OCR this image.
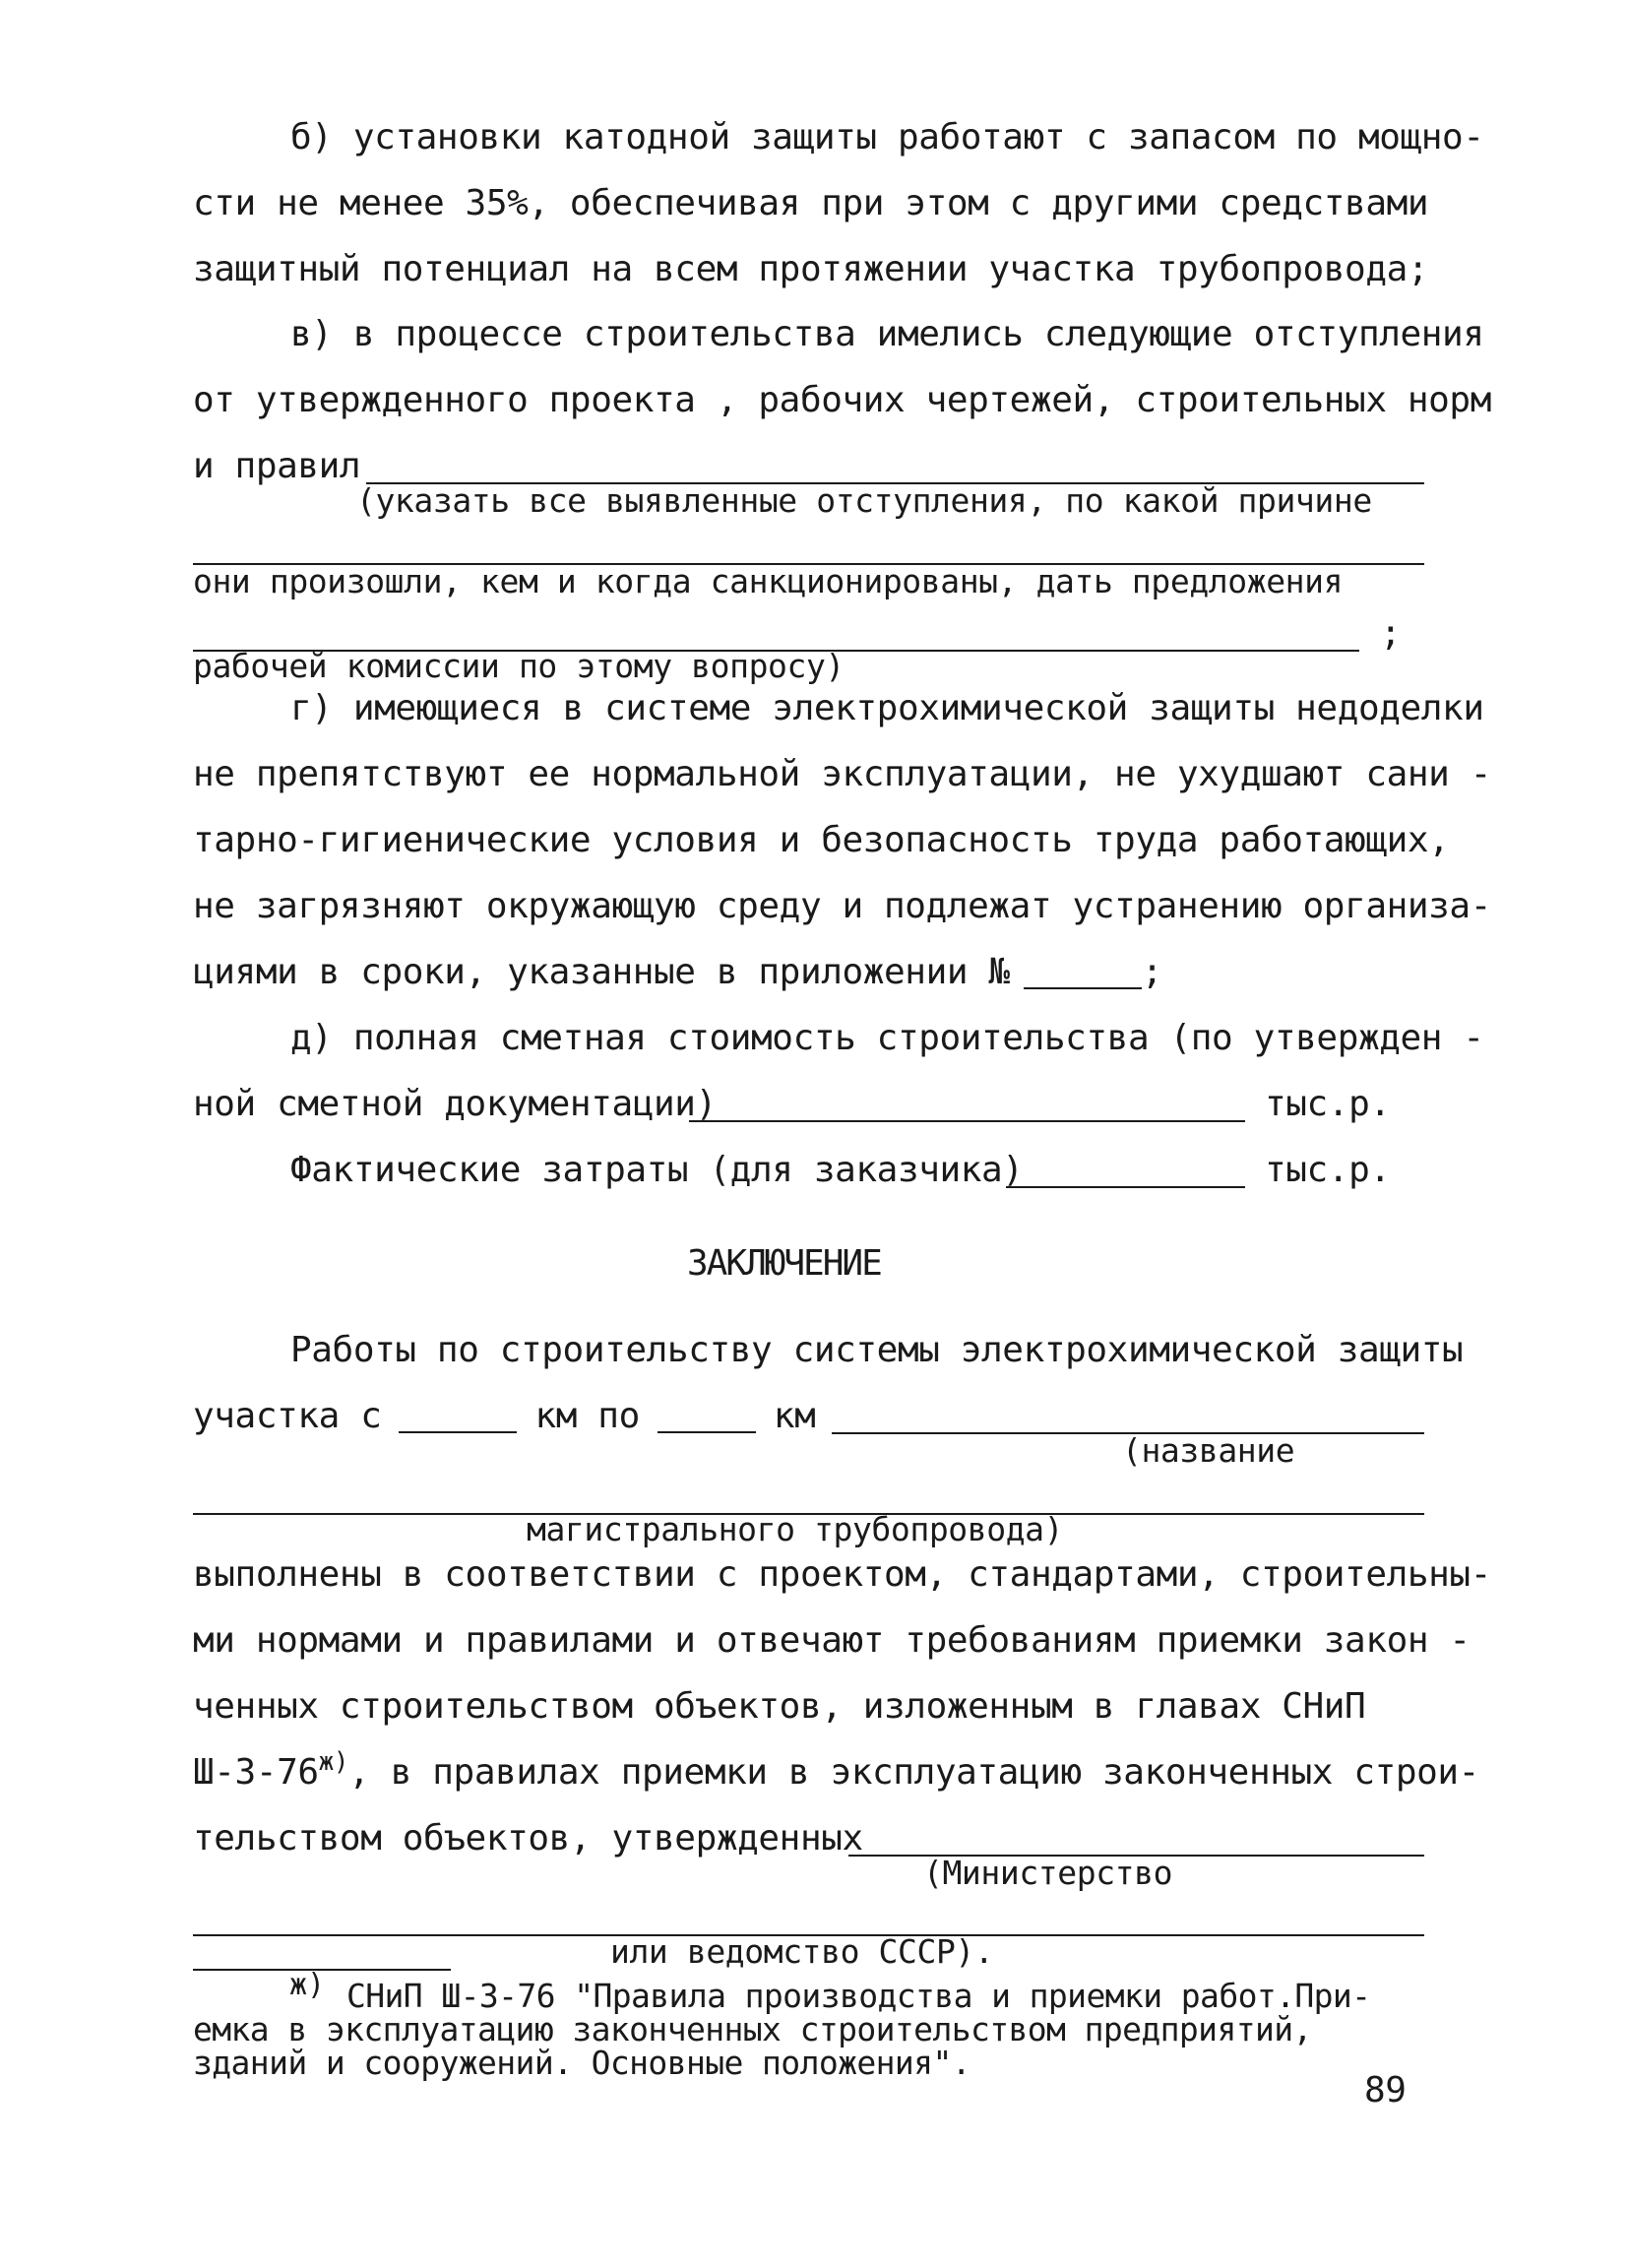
б) установки катодной защиты работают с запасом по мощно-
сти не менее 35%, обеспечивая при этом с другими средствами
защитный потенциал на всем протяжении участка трубопровода;
в) в процессе строительства имелись следующие отступления
от утвержденного проекта , рабочих чертежей, строительных норм
и правил
(указать все выявленные отступления, по какой причине
они произошли, кем и когда санкционированы, дать предложения
;
рабочей комиссии по этому вопросу)
г) имеющиеся в системе электрохимической защиты недоделки
не препятствуют ее нормальной эксплуатации, не ухудшают сани -
тарно-гигиенические условия и безопасность труда работающих,
не загрязняют окружающую среду и подлежат устранению организа-
циями в сроки, указанные в приложении №	;
д) полная сметная стоимость строительства (по утвержден -
ной сметной документации)	тыс.р.
Фактические затраты (для заказчика)	тыс.р.
ЗАКЛЮЧЕНИЕ
Работы по строительству системы электрохимической защиты
участка с	км по	км
(название
магистрального трубопровода)
выполнены в соответствии с проектом, стандартами, строительны-
ми нормами и правилами и отвечают требованиям приемки закон -
ченных строительством объектов, изложенным в главах СНиП
$Ш-3-76^{ж)}$, в правилах приемки в эксплуатацию законченных строи-
тельством объектов, утвержденных
(Министерство
или ведомство СССР).
ж) СНиП Ш-3-76 "Правила производства и приемки работ.При-
емка в эксплуатацию законченных строительством предприятий,
зданий и сооружений. Основные положения".
89
